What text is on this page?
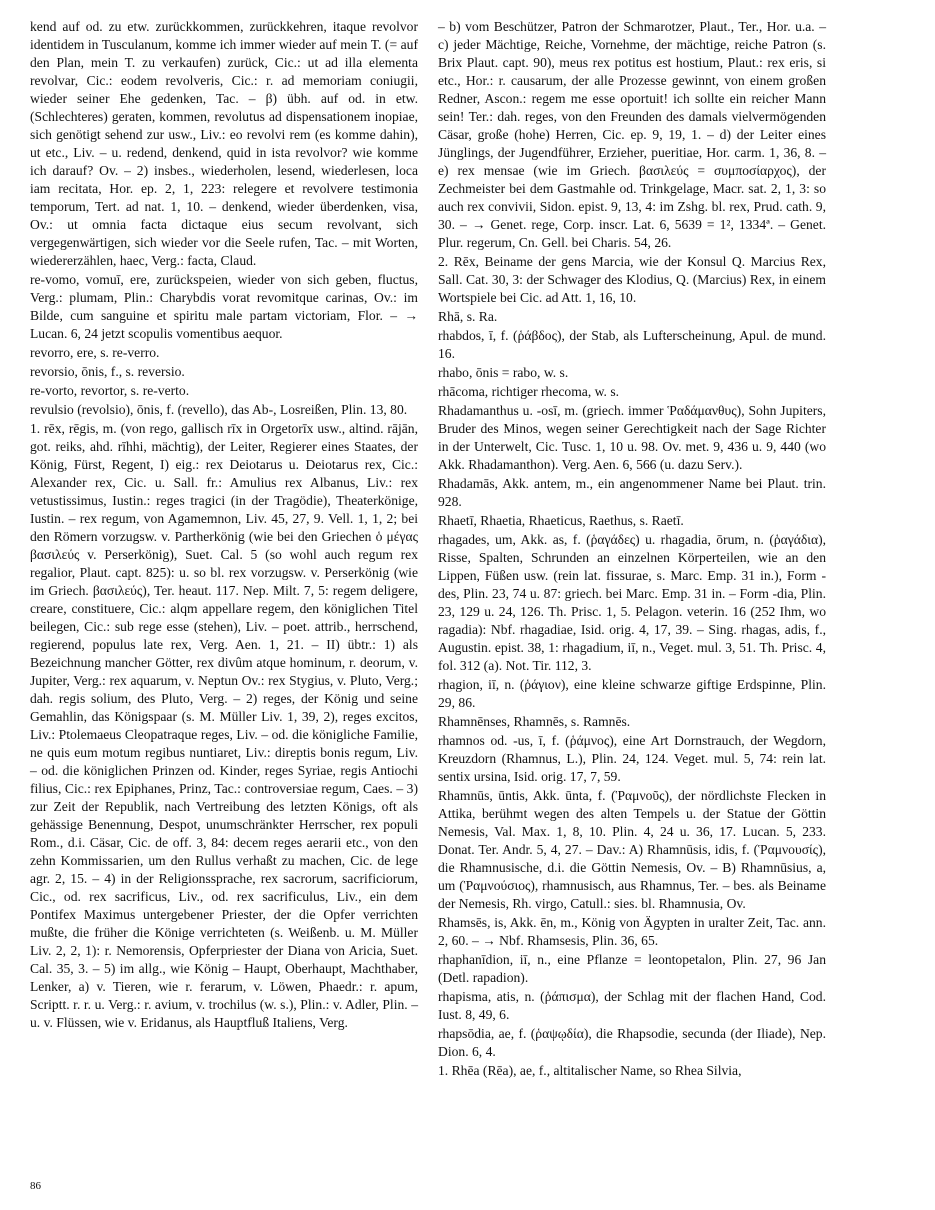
kend auf od. zu etw. zurückkommen, zurückkehren, itaque revolvor identidem in Tusculanum, komme ich immer wieder auf mein T. (= auf den Plan, mein T. zu verkaufen) zurück, Cic.: ut ad illa elementa revolvar, Cic.: eodem revolveris, Cic.: r. ad memoriam coniugii, wieder seiner Ehe gedenken, Tac. – β) übh. auf od. in etw. (Schlechteres) geraten, kommen, revolutus ad dispensationem inopiae, sich genötigt sehend zur usw., Liv.: eo revolvi rem (es komme dahin), ut etc., Liv. – u. redend, denkend, quid in ista revolvor? wie komme ich darauf? Ov. – 2) insbes., wiederholen, lesend, wiederlesen, loca iam recitata, Hor. ep. 2, 1, 223: relegere et revolvere testimonia temporum, Tert. ad nat. 1, 10. – denkend, wieder überdenken, visa, Ov.: ut omnia facta dictaque eius secum revolvant, sich vergegenwärtigen, sich wieder vor die Seele rufen, Tac. – mit Worten, wiedererzählen, haec, Verg.: facta, Claud.

re-vomo, vomuī, ere, zurückspeien, wieder von sich geben, fluctus, Verg.: plumam, Plin.: Charybdis vorat revomitque carinas, Ov.: im Bilde, cum sanguine et spiritu male partam victoriam, Flor. – → Lucan. 6, 24 jetzt scopulis vomentibus aequor.

revorro, ere, s. re-verro.

revorsio, ōnis, f., s. reversio.

re-vorto, revortor, s. re-verto.

revulsio (revolsio), ōnis, f. (revello), das Ab-, Losreißen, Plin. 13, 80.

1. rēx, rēgis, m. (von rego, gallisch rīx in Orgetorīx usw., altind. rājān, got. reiks, ahd. rīhhi, mächtig), der Leiter, Regierer eines Staates, der König, Fürst, Regent, I) eig.: rex Deiotarus u. Deiotarus rex, Cic.: Alexander rex, Cic. u. Sall. fr.: Amulius rex Albanus, Liv.: rex vetustissimus, Iustin.: reges tragici (in der Tragödie), Theaterkönige, Iustin. – rex regum, von Agamemnon, Liv. 45, 27, 9. Vell. 1, 1, 2; bei den Römern vorzugsw. v. Partherkönig (wie bei den Griechen ὁ μέγας βασιλεύς v. Perserkönig), Suet. Cal. 5 (so wohl auch regum rex regalior, Plaut. capt. 825): u. so bl. rex vorzugsw. v. Perserkönig (wie im Griech. βασιλεύς), Ter. heaut. 117. Nep. Milt. 7, 5: regem deligere, creare, constituere, Cic.: alqm appellare regem, den königlichen Titel beilegen, Cic.: sub rege esse (stehen), Liv. – poet. attrib., herrschend, regierend, populus late rex, Verg. Aen. 1, 21. – II) übtr.: 1) als Bezeichnung mancher Götter, rex divûm atque hominum, r. deorum, v. Jupiter, Verg.: rex aquarum, v. Neptun Ov.: rex Stygius, v. Pluto, Verg.; dah. regis solium, des Pluto, Verg. – 2) reges, der König und seine Gemahlin, das Königspaar (s. M. Müller Liv. 1, 39, 2), reges excitos, Liv.: Ptolemaeus Cleopatraque reges, Liv. – od. die königliche Familie, ne quis eum motum regibus nuntiaret, Liv.: direptis bonis regum, Liv. – od. die königlichen Prinzen od. Kinder, reges Syriae, regis Antiochi filius, Cic.: rex Epiphanes, Prinz, Tac.: controversiae regum, Caes. – 3) zur Zeit der Republik, nach Vertreibung des letzten Königs, oft als gehässige Benennung, Despot, unumschränkter Herrscher, rex populi Rom., d.i. Cäsar, Cic. de off. 3, 84: decem reges aerarii etc., von den zehn Kommissarien, um den Rullus verhaßt zu machen, Cic. de lege agr. 2, 15. – 4) in der Religionssprache, rex sacrorum, sacrificiorum, Cic., od. rex sacrificus, Liv., od. rex sacrificulus, Liv., ein dem Pontifex Maximus untergebener Priester, der die Opfer verrichten mußte, die früher die Könige verrichteten (s. Weißenb. u. M. Müller Liv. 2, 2, 1): r. Nemorensis, Opferpriester der Diana von Aricia, Suet. Cal. 35, 3. – 5) im allg., wie König – Haupt, Oberhaupt, Machthaber, Lenker, a) v. Tieren, wie r. ferarum, v. Löwen, Phaedr.: r. apum, Scriptt. r. r. u. Verg.: r. avium, v. trochilus (w. s.), Plin.: v. Adler, Plin. – u. v. Flüssen, wie v. Eridanus, als Hauptfluß Italiens, Verg.

– b) vom Beschützer, Patron der Schmarotzer, Plaut., Ter., Hor. u.a. – c) jeder Mächtige, Reiche, Vornehme, der mächtige, reiche Patron (s. Brix Plaut. capt. 90), meus rex potitus est hostium, Plaut.: rex eris, si etc., Hor.: r. causarum, der alle Prozesse gewinnt, von einem großen Redner, Ascon.: regem me esse oportuit! ich sollte ein reicher Mann sein! Ter.: dah. reges, von den Freunden des damals vielvermögenden Cäsar, große (hohe) Herren, Cic. ep. 9, 19, 1. – d) der Leiter eines Jünglings, der Jugendführer, Erzieher, pueritiae, Hor. carm. 1, 36, 8. – e) rex mensae (wie im Griech. βασιλεύς = συμποσίαρχος), der Zechmeister bei dem Gastmahle od. Trinkgelage, Macr. sat. 2, 1, 3: so auch rex convivii, Sidon. epist. 9, 13, 4: im Zshg. bl. rex, Prud. cath. 9, 30. – → Genet. rege, Corp. inscr. Lat. 6, 5639 = 1², 1334ª. – Genet. Plur. regerum, Cn. Gell. bei Charis. 54, 26.

2. Rēx, Beiname der gens Marcia, wie der Konsul Q. Marcius Rex, Sall. Cat. 30, 3: der Schwager des Klodius, Q. (Marcius) Rex, in einem Wortspiele bei Cic. ad Att. 1, 16, 10.

Rhā, s. Ra.

rhabdos, ī, f. (ῥάβδος), der Stab, als Lufterscheinung, Apul. de mund. 16.

rhabo, ōnis = rabo, w. s.

rhācoma, richtiger rhecoma, w. s.

Rhadamanthus u. -osī, m. (griech. immer Ῥαδάμανθυς), Sohn Jupiters, Bruder des Minos, wegen seiner Gerechtigkeit nach der Sage Richter in der Unterwelt, Cic. Tusc. 1, 10 u. 98. Ov. met. 9, 436 u. 9, 440 (wo Akk. Rhadamanthon). Verg. Aen. 6, 566 (u. dazu Serv.).

Rhadamās, Akk. antem, m., ein angenommener Name bei Plaut. trin. 928.

Rhaetī, Rhaetia, Rhaeticus, Raethus, s. Raetī.

rhagades, um, Akk. as, f. (ῥαγάδες) u. rhagadia, ōrum, n. (ῥαγάδια), Risse, Spalten, Schrunden an einzelnen Körperteilen, wie an den Lippen, Füßen usw. (rein lat. fissurae, s. Marc. Emp. 31 in.), Form -des, Plin. 23, 74 u. 87: griech. bei Marc. Emp. 31 in. – Form -dia, Plin. 23, 129 u. 24, 126. Th. Prisc. 1, 5. Pelagon. veterin. 16 (252 Ihm, wo ragadia): Nbf. rhagadiae, Isid. orig. 4, 17, 39. – Sing. rhagas, adis, f., Augustin. epist. 38, 1: rhagadium, iī, n., Veget. mul. 3, 51. Th. Prisc. 4, fol. 312 (a). Not. Tir. 112, 3.

rhagion, iī, n. (ῥάγιον), eine kleine schwarze giftige Erdspinne, Plin. 29, 86.

Rhamnēnses, Rhamnēs, s. Ramnēs.

rhamnos od. -us, ī, f. (ῥάμνος), eine Art Dornstrauch, der Wegdorn, Kreuzdorn (Rhamnus, L.), Plin. 24, 124. Veget. mul. 5, 74: rein lat. sentix ursina, Isid. orig. 17, 7, 59.

Rhamnūs, ūntis, Akk. ūnta, f. (Ῥαμνοῦς), der nördlichste Flecken in Attika, berühmt wegen des alten Tempels u. der Statue der Göttin Nemesis, Val. Max. 1, 8, 10. Plin. 4, 24 u. 36, 17. Lucan. 5, 233. Donat. Ter. Andr. 5, 4, 27. – Dav.: A) Rhamnūsis, idis, f. (Ῥαμνουσίς), die Rhamnusische, d.i. die Göttin Nemesis, Ov. – B) Rhamnūsius, a, um (Ῥαμνούσιος), rhamnusisch, aus Rhamnus, Ter. – bes. als Beiname der Nemesis, Rh. virgo, Catull.: sies. bl. Rhamnusia, Ov.

Rhamsēs, is, Akk. ēn, m., König von Ägypten in uralter Zeit, Tac. ann. 2, 60. – → Nbf. Rhamsesis, Plin. 36, 65.

rhaphanīdion, iī, n., eine Pflanze = leontopetalon, Plin. 27, 96 Jan (Detl. rapadion).

rhapisma, atis, n. (ῥάπισμα), der Schlag mit der flachen Hand, Cod. Iust. 8, 49, 6.

rhapsōdia, ae, f. (ῥαψῳδία), die Rhapsodie, secunda (der Iliade), Nep. Dion. 6, 4.

1. Rhēa (Rēa), ae, f., altitalischer Name, so Rhea Silvia,

86
